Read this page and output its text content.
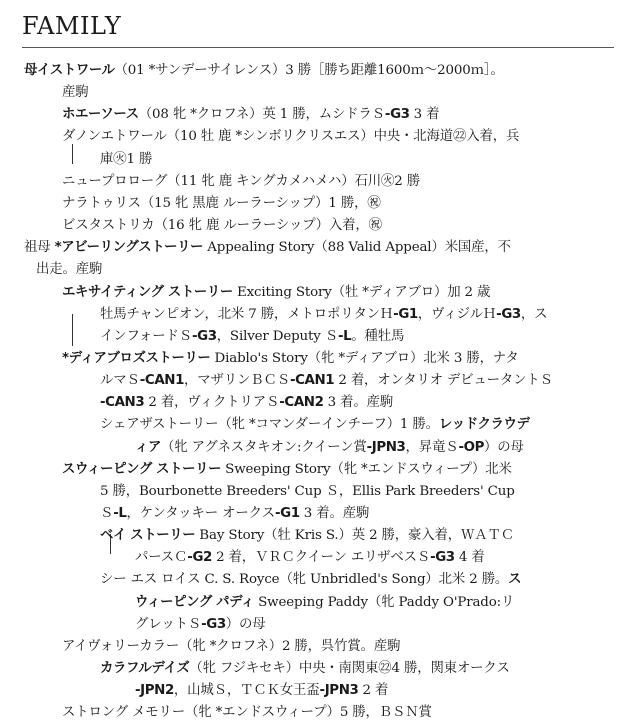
FAMILY
母イストワール（01 *サンデーサイレンス）3 勝［勝ち距離1600ｍ〜2000ｍ］。
産駒
ホエーソース（08 牝 *クロフネ）英 1 勝，ムシドラＳ-G3 3 着
ダノンエトワール（10 牡 鹿 *シンボリクリスエス）中央・北海道㉒入着，兵
庫㊋1 勝
ニュープロローグ（11 牝 鹿 キングカメハメハ）石川㊋2 勝
ナラトゥリス（15 牝 黒鹿 ルーラーシップ）1 勝，㊗
ビスタストリカ（16 牝 鹿 ルーラーシップ）入着，㊗
祖母 *アビーリングストーリー Appealing Story（88 Valid Appeal）米国産，不
出走。産駒
エキサイティング ストーリー Exciting Story（牡 *ディアブロ）加 2 歳
牡馬チャンピオン，北米 7 勝，メトロポリタンＨ-G1，ヴィジルＨ-G3，ス
インフォードＳ-G3，Silver Deputy Ｓ-L。種牡馬
*ディアブロズストーリー Diablo's Story（牝 *ディアブロ）北米 3 勝，ナタ
ルマＳ-CAN1，マザリンＢＣＳ-CAN1 2 着，オンタリオ デビュータントＳ
-CAN3 2 着，ヴィクトリアＳ-CAN2 3 着。産駒
シェアザストーリー（牝 *コマンダーインチーフ）1 勝。レッドクラウデ
ィア（牝 アグネスタキオン:クイーン賞-JPN3，昇竜Ｓ-OP）の母
スウィーピング ストーリー Sweeping Story（牝 *エンドスウィープ）北米
5 勝，Bourbonette Breeders' Cup Ｓ，Ellis Park Breeders' Cup
Ｓ-L，ケンタッキー オークス-G1 3 着。産駒
ベイ ストーリー Bay Story（牡 Kris S.）英 2 勝，豪入着，ＷＡＴＣ
パースＣ-G2 2 着，ＶＲＣクイーン エリザベスＳ-G3 4 着
シー エス ロイス C. S. Royce（牝 Unbridled's Song）北米 2 勝。ス
ウィーピング パディ Sweeping Paddy（牝 Paddy O'Prado:リ
グレットＳ-G3）の母
アイヴォリーカラー（牝 *クロフネ）2 勝，呉竹賞。産駒
カラフルデイズ（牝 フジキセキ）中央・南関東㉒4 勝，関東オークス
-JPN2，山城Ｓ，ＴＣＫ女王盃-JPN3 2 着
ストロング メモリー（牝 *エンドスウィープ）5 勝，ＢＳＮ賞
